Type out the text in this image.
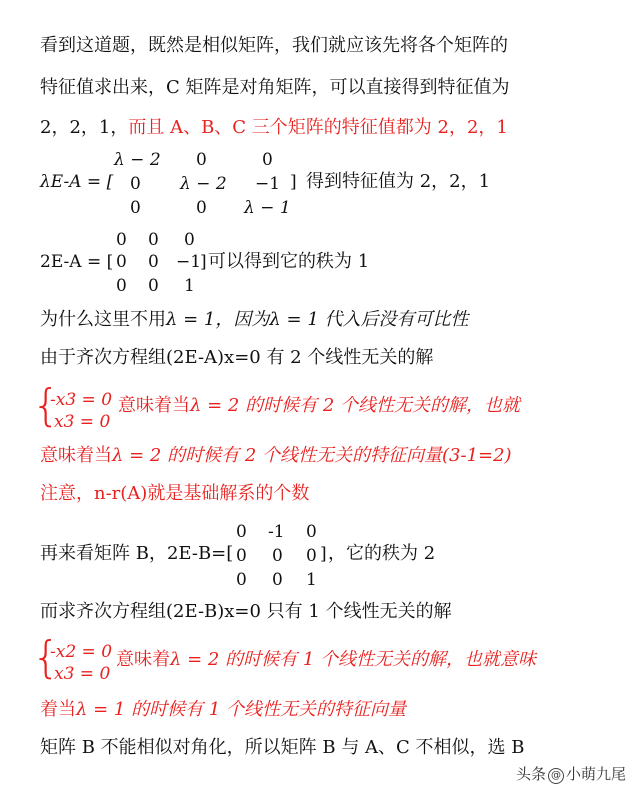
看到这道题，既然是相似矩阵，我们就应该先将各个矩阵的
特征值求出来，C 矩阵是对角矩阵，可以直接得到特征值为
2，2，1，而且 A、B、C 三个矩阵的特征值都为 2，2，1
λE-A = [
λ − 2 0	0
0 λ − 2 −1
0	0 λ − 1
] 得到特征值为 2，2，1
2E-A = [
0 0 0
0 0 −1
0 0 1
] 可以得到它的秩为 1
为什么这里不用λ = 1，因为λ = 1 代入后没有可比性
由于齐次方程组(2E-A)x=0 有 2 个线性无关的解
{
-x3 = 0
x3 = 0
意味着当λ = 2 的时候有 2 个线性无关的解，也就
意味着当λ = 2 的时候有 2 个线性无关的特征向量(3-1=2)
注意，n-r(A)就是基础解系的个数
再来看矩阵 B，2E-B=[
0 -1 0
0 0 0
0 0 1
] ，它的秩为 2
而求齐次方程组(2E-B)x=0 只有 1 个线性无关的解
{
-x2 = 0
x3 = 0
意味着λ = 2 的时候有 1 个线性无关的解，也就意味
着当λ = 1 的时候有 1 个线性无关的特征向量
矩阵 B 不能相似对角化，所以矩阵 B 与 A、C 不相似，选 B
头条 @ 小萌九尾
